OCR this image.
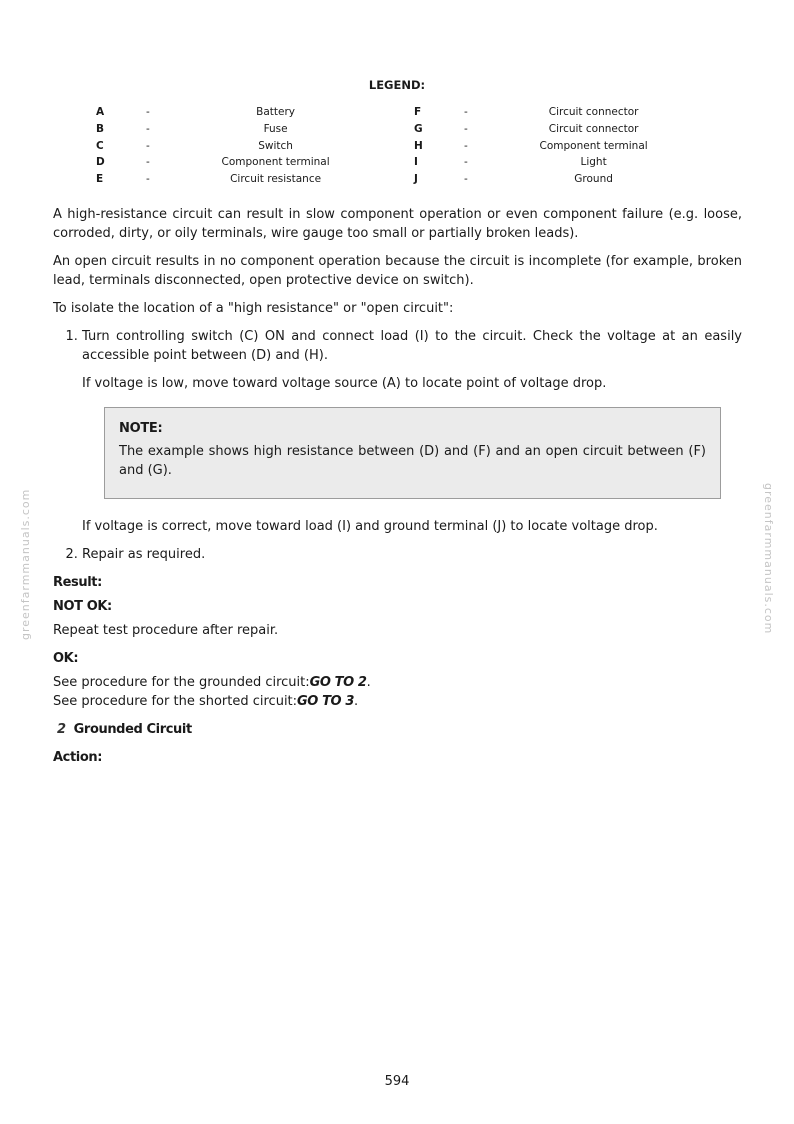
LEGEND:
A	-	Battery	F	-	Circuit connector
B	-	Fuse	G	-	Circuit connector
C	-	Switch	H	-	Component terminal
D	-	Component terminal	I	-	Light
E	-	Circuit resistance	J	-	Ground

A high-resistance circuit can result in slow component operation or even component failure (e.g. loose, corroded, dirty, or oily terminals, wire gauge too small or partially broken leads).

An open circuit results in no component operation because the circuit is incomplete (for example, broken lead, terminals disconnected, open protective device on switch).

To isolate the location of a "high resistance" or "open circuit":

1. Turn controlling switch (C) ON and connect load (I) to the circuit. Check the voltage at an easily accessible point between (D) and (H).

If voltage is low, move toward voltage source (A) to locate point of voltage drop.

NOTE:
The example shows high resistance between (D) and (F) and an open circuit between (F) and (G).

If voltage is correct, move toward load (I) and ground terminal (J) to locate voltage drop.

2. Repair as required.
Result:
NOT OK:

Repeat test procedure after repair.

OK:
See procedure for the grounded circuit:GO TO 2.
See procedure for the shorted circuit:GO TO 3.
2 Grounded Circuit
Action:
greenfarmmanuals.com	greenfarmmanuals.com
594
